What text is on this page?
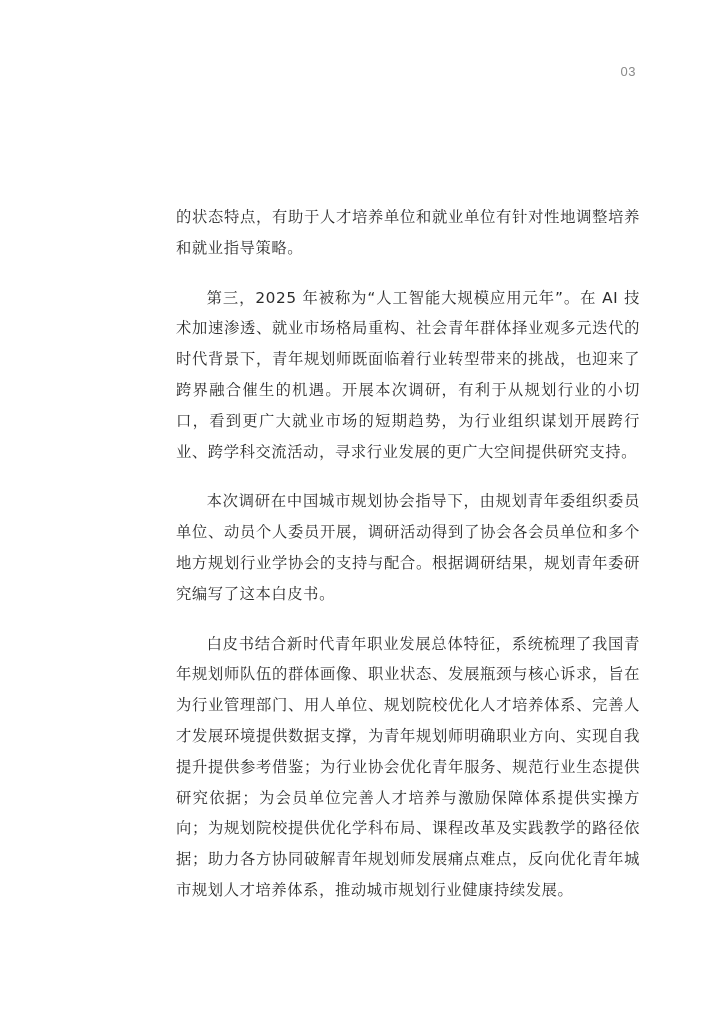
03

的状态特点，有助于人才培养单位和就业单位有针对性地调整培养和就业指导策略。

第三，2025 年被称为“人工智能大规模应用元年”。在 AI 技术加速渗透、就业市场格局重构、社会青年群体择业观多元迭代的时代背景下，青年规划师既面临着行业转型带来的挑战，也迎来了跨界融合催生的机遇。开展本次调研，有利于从规划行业的小切口，看到更广大就业市场的短期趋势，为行业组织谋划开展跨行业、跨学科交流活动，寻求行业发展的更广大空间提供研究支持。

本次调研在中国城市规划协会指导下，由规划青年委组织委员单位、动员个人委员开展，调研活动得到了协会各会员单位和多个地方规划行业学协会的支持与配合。根据调研结果，规划青年委研究编写了这本白皮书。

白皮书结合新时代青年职业发展总体特征，系统梳理了我国青年规划师队伍的群体画像、职业状态、发展瓶颈与核心诉求，旨在为行业管理部门、用人单位、规划院校优化人才培养体系、完善人才发展环境提供数据支撑，为青年规划师明确职业方向、实现自我提升提供参考借鉴；为行业协会优化青年服务、规范行业生态提供研究依据；为会员单位完善人才培养与激励保障体系提供实操方向；为规划院校提供优化学科布局、课程改革及实践教学的路径依据；助力各方协同破解青年规划师发展痛点难点，反向优化青年城市规划人才培养体系，推动城市规划行业健康持续发展。
